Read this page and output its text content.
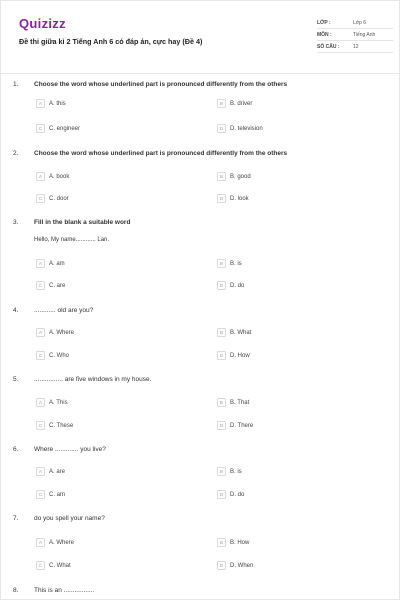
Quizizz
Đề thi giữa kì 2 Tiếng Anh 6 có đáp án, cực hay (Đề 4)
LỚP :	Lớp 6
MÔN :	Tiếng Anh
SỐ CÂU :	12
1. Choose the word whose underlined part is pronounced differently from the others
A	A. this	B	B. driver
C	C. engineer	D	D. television
2. Choose the word whose underlined part is pronounced differently from the others
A	A. book	B	B. good
C	C. door	D	D. look
3. Fill in the blank a suitable word
Hello, My name............ Lan.
A	A. am	B	B. is
C	C. are	D	D. do
4. ............ old are you?
A	A. Where	B	B. What
C	C. Who	D	D. How
5. ................ are five windows in my house.
A	A. This	B	B. That
C	C. These	D	D. There
6. Where ............. you live?
A	A. are	B	B. is
C	C. am	D	D. do
7. do you spell your name?
A	A. Where	B	B. How
C	C. What	D	D. When
8. This is an .................
